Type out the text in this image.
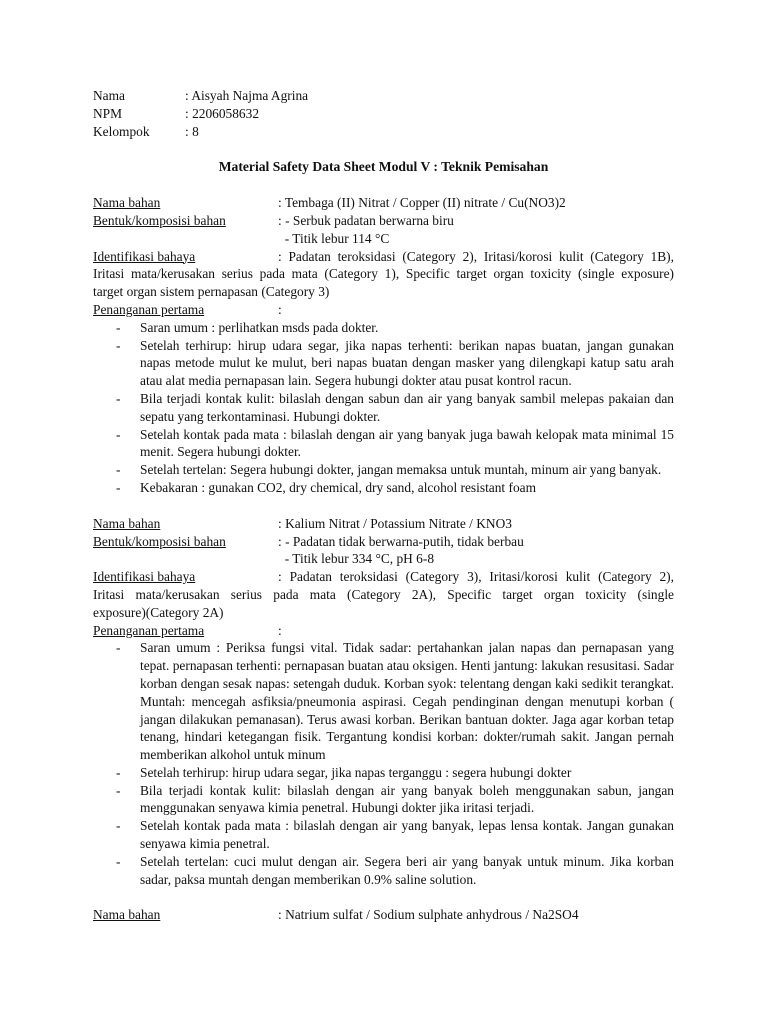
Nama	: Aisyah Najma Agrina
NPM	: 2206058632
Kelompok	: 8
Material Safety Data Sheet Modul V : Teknik Pemisahan
Nama bahan	: Tembaga (II) Nitrat / Copper (II) nitrate / Cu(NO3)2
Bentuk/komposisi bahan	: - Serbuk padatan berwarna biru
- Titik lebur 114 °C
Identifikasi bahaya	: Padatan teroksidasi (Category 2), Iritasi/korosi kulit (Category 1B),
Iritasi mata/kerusakan serius pada mata (Category 1), Specific target organ toxicity (single exposure)
target organ sistem pernapasan (Category 3)
Penanganan pertama	:
- Saran umum : perlihatkan msds pada dokter.
- Setelah terhirup: hirup udara segar, jika napas terhenti: berikan napas buatan, jangan gunakan napas metode mulut ke mulut, beri napas buatan dengan masker yang dilengkapi katup satu arah atau alat media pernapasan lain. Segera hubungi dokter atau pusat kontrol racun.
- Bila terjadi kontak kulit: bilaslah dengan sabun dan air yang banyak sambil melepas pakaian dan sepatu yang terkontaminasi. Hubungi dokter.
- Setelah kontak pada mata : bilaslah dengan air yang banyak juga bawah kelopak mata minimal 15 menit. Segera hubungi dokter.
- Setelah tertelan: Segera hubungi dokter, jangan memaksa untuk muntah, minum air yang banyak.
- Kebakaran : gunakan CO2, dry chemical, dry sand, alcohol resistant foam
Nama bahan	: Kalium Nitrat / Potassium Nitrate / KNO3
Bentuk/komposisi bahan	: - Padatan tidak berwarna-putih, tidak berbau
- Titik lebur 334 °C, pH 6-8
Identifikasi bahaya	: Padatan teroksidasi (Category 3), Iritasi/korosi kulit (Category 2),
Iritasi mata/kerusakan serius pada mata (Category 2A), Specific target organ toxicity (single
exposure)(Category 2A)
Penanganan pertama	:
- Saran umum : Periksa fungsi vital. Tidak sadar: pertahankan jalan napas dan pernapasan yang tepat. pernapasan terhenti: pernapasan buatan atau oksigen. Henti jantung: lakukan resusitasi. Sadar korban dengan sesak napas: setengah duduk. Korban syok: telentang dengan kaki sedikit terangkat. Muntah: mencegah asfiksia/pneumonia aspirasi. Cegah pendinginan dengan menutupi korban ( jangan dilakukan pemanasan). Terus awasi korban. Berikan bantuan dokter. Jaga agar korban tetap tenang, hindari ketegangan fisik. Tergantung kondisi korban: dokter/rumah sakit. Jangan pernah memberikan alkohol untuk minum
- Setelah terhirup: hirup udara segar, jika napas terganggu : segera hubungi dokter
- Bila terjadi kontak kulit: bilaslah dengan air yang banyak boleh menggunakan sabun, jangan menggunakan senyawa kimia penetral. Hubungi dokter jika iritasi terjadi.
- Setelah kontak pada mata : bilaslah dengan air yang banyak, lepas lensa kontak. Jangan gunakan senyawa kimia penetral.
- Setelah tertelan: cuci mulut dengan air. Segera beri air yang banyak untuk minum. Jika korban sadar, paksa muntah dengan memberikan 0.9% saline solution.
Nama bahan	: Natrium sulfat / Sodium sulphate anhydrous / Na2SO4
